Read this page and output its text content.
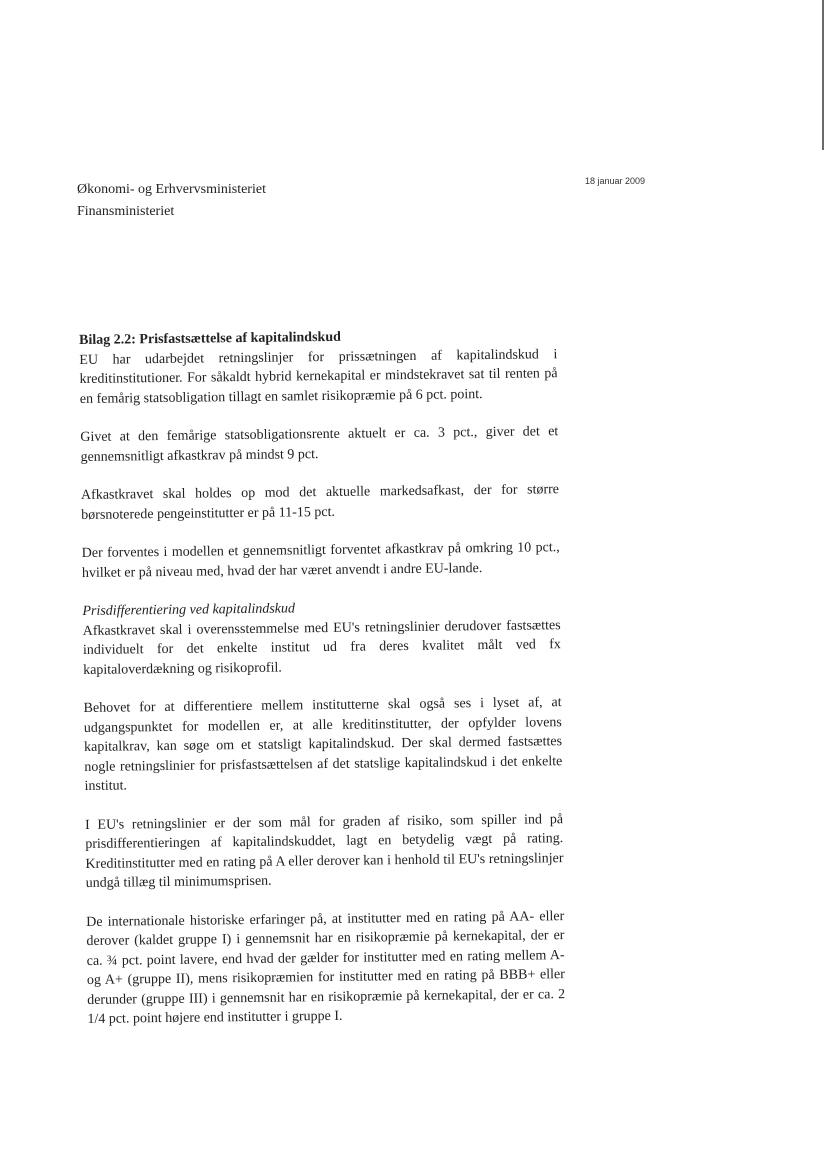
18 januar 2009
Økonomi- og Erhvervsministeriet
Finansministeriet
Bilag 2.2: Prisfastsættelse af kapitalindskud

EU har udarbejdet retningslinjer for prissætningen af kapitalindskud i kreditinstitutioner. For såkaldt hybrid kernekapital er mindstekravet sat til renten på en femårig statsobligation tillagt en samlet risikopræmie på 6 pct. point.

Givet at den femårige statsobligationsrente aktuelt er ca. 3 pct., giver det et gennemsnitligt afkastkrav på mindst 9 pct.

Afkastkravet skal holdes op mod det aktuelle markedsafkast, der for større børsnoterede pengeinstitutter er på 11-15 pct.

Der forventes i modellen et gennemsnitligt forventet afkastkrav på omkring 10 pct., hvilket er på niveau med, hvad der har været anvendt i andre EU-lande.

Prisdifferentiering ved kapitalindskud

Afkastkravet skal i overensstemmelse med EU's retningslinier derudover fastsættes individuelt for det enkelte institut ud fra deres kvalitet målt ved fx kapitaloverdækning og risikoprofil.

Behovet for at differentiere mellem institutterne skal også ses i lyset af, at udgangspunktet for modellen er, at alle kreditinstitutter, der opfylder lovens kapitalkrav, kan søge om et statsligt kapitalindskud. Der skal dermed fastsættes nogle retningslinier for prisfastsættelsen af det statslige kapitalindskud i det enkelte institut.

I EU's retningslinier er der som mål for graden af risiko, som spiller ind på prisdifferentieringen af kapitalindskuddet, lagt en betydelig vægt på rating. Kreditinstitutter med en rating på A eller derover kan i henhold til EU's retningslinjer undgå tillæg til minimumsprisen.

De internationale historiske erfaringer på, at institutter med en rating på AA- eller derover (kaldet gruppe I) i gennemsnit har en risikopræmie på kernekapital, der er ca. ¾ pct. point lavere, end hvad der gælder for institutter med en rating mellem A- og A+ (gruppe II), mens risikopræmien for institutter med en rating på BBB+ eller derunder (gruppe III) i gennemsnit har en risikopræmie på kernekapital, der er ca. 2 1/4 pct. point højere end institutter i gruppe I.
